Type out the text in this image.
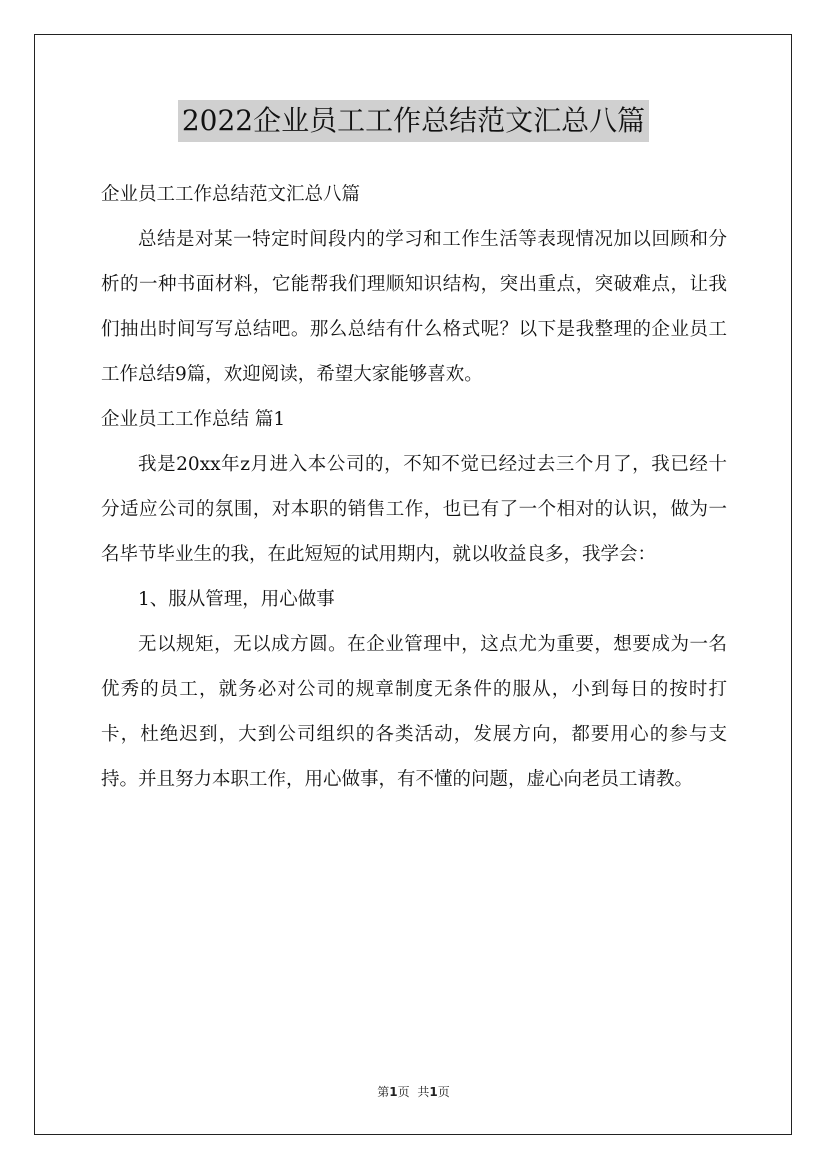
2022企业员工工作总结范文汇总八篇

企业员工工作总结范文汇总八篇

总结是对某一特定时间段内的学习和工作生活等表现情况加以回顾和分析的一种书面材料，它能帮我们理顺知识结构，突出重点，突破难点，让我们抽出时间写写总结吧。那么总结有什么格式呢？以下是我整理的企业员工工作总结9篇，欢迎阅读，希望大家能够喜欢。

企业员工工作总结 篇1

我是20xx年z月进入本公司的，不知不觉已经过去三个月了，我已经十分适应公司的氛围，对本职的销售工作，也已有了一个相对的认识，做为一名毕节毕业生的我，在此短短的试用期内，就以收益良多，我学会：

1、服从管理，用心做事

无以规矩，无以成方圆。在企业管理中，这点尤为重要，想要成为一名优秀的员工，就务必对公司的规章制度无条件的服从，小到每日的按时打卡，杜绝迟到，大到公司组织的各类活动，发展方向，都要用心的参与支持。并且努力本职工作，用心做事，有不懂的问题，虚心向老员工请教。

第1页 共1页
